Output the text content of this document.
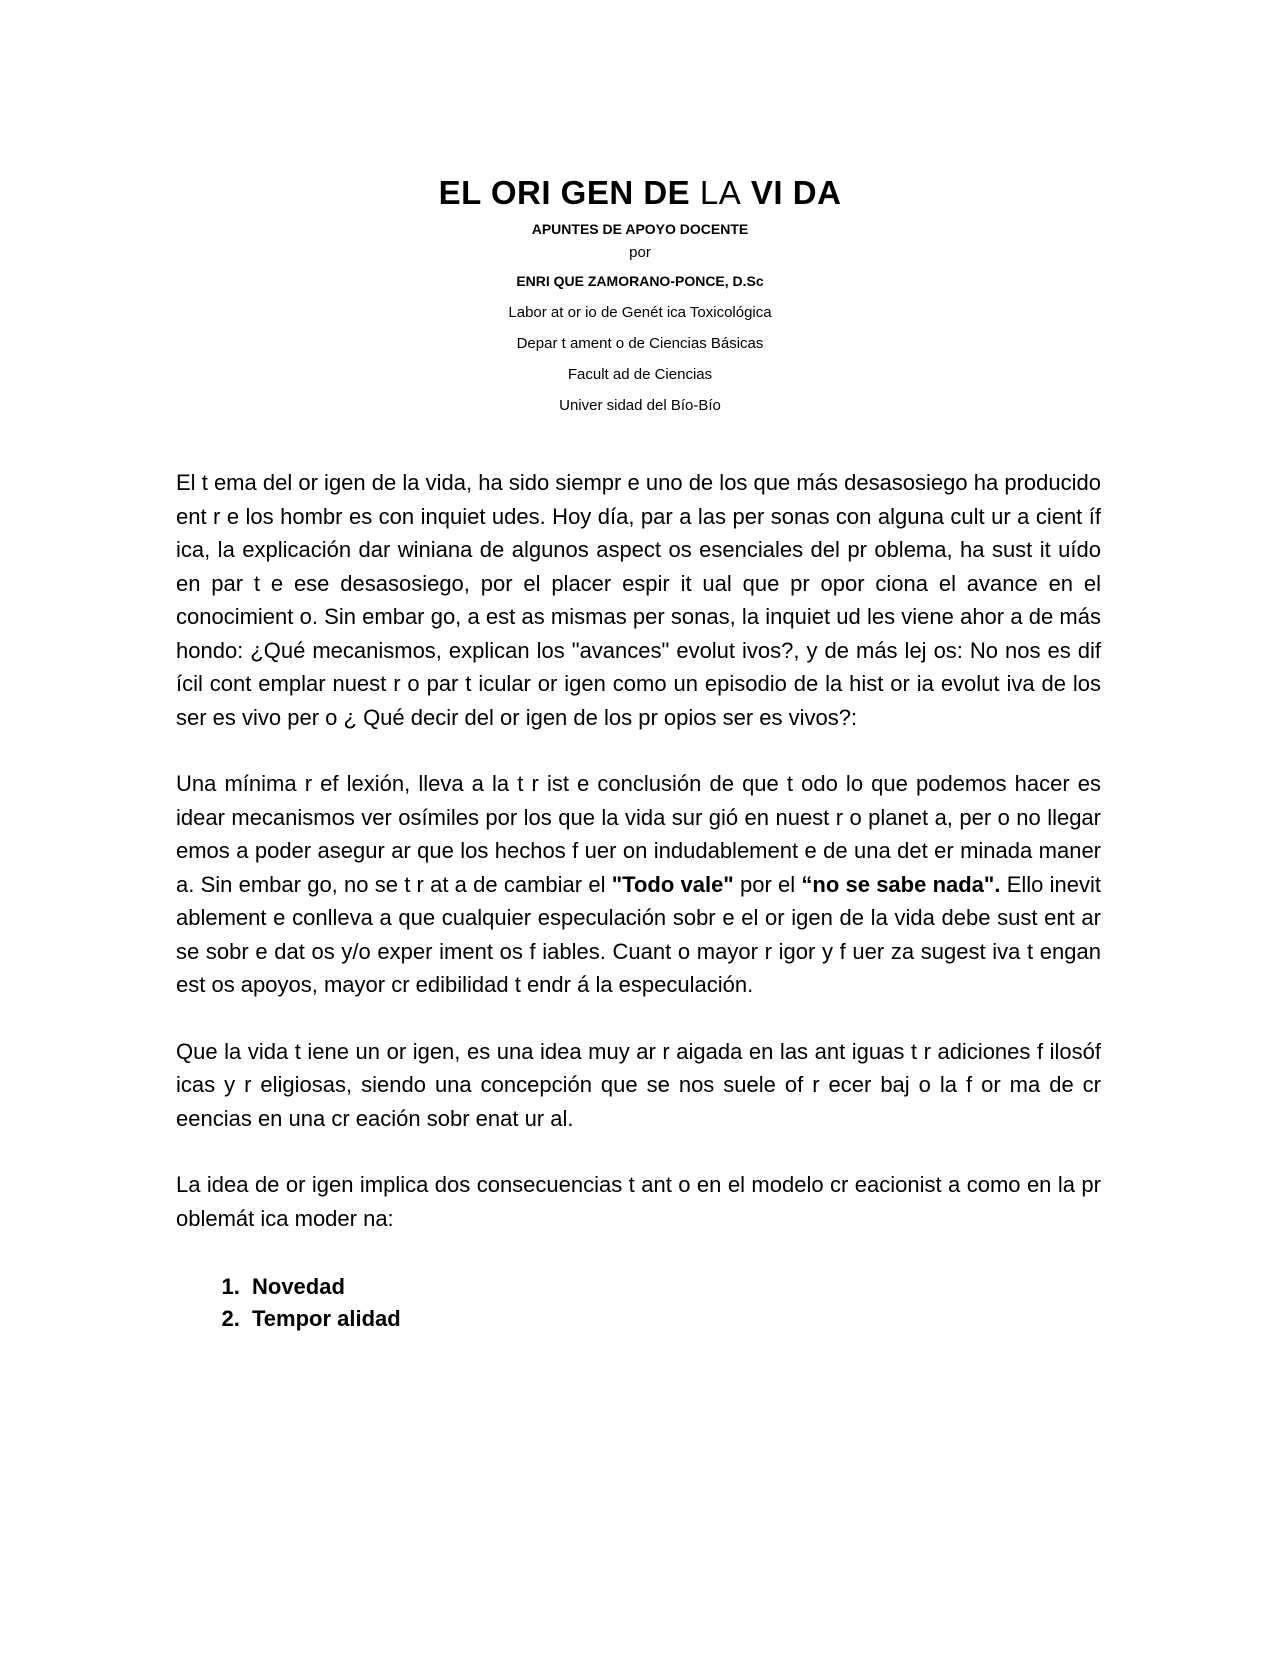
EL ORI GEN DE LA VI DA
APUNTES DE APOYO DOCENTE
por
ENRI QUE ZAMORANO-PONCE, D.Sc
Labor at or io de Genét ica Toxicológica
Depar t ament o de Ciencias Básicas
Facult ad de Ciencias
Univer sidad del Bío-Bío

El t ema del or igen de la vida, ha sido siempr e uno de los que más desasosiego ha producido ent r e los hombr es con inquiet udes. Hoy día, par a las per sonas con alguna cult ur a cient íf ica, la explicación dar winiana de algunos aspect os esenciales del pr oblema, ha sust it uído en par t e ese desasosiego, por el placer espir it ual que pr opor ciona el avance en el conocimient o. Sin embar go, a est as mismas per sonas, la inquiet ud les viene ahor a de más hondo: ¿Qué mecanismos, explican los "avances" evolut ivos?, y de más lej os: No nos es dif ícil cont emplar nuest r o par t icular or igen como un episodio de la hist or ia evolut iva de los ser es vivo per o ¿ Qué decir del or igen de los pr opios ser es vivos?:

Una mínima r ef lexión, lleva a la t r ist e conclusión de que t odo lo que podemos hacer es idear mecanismos ver osímiles por los que la vida sur gió en nuest r o planet a, per o no llegar emos a poder asegur ar que los hechos f uer on indudablement e de una det er minada maner a. Sin embar go, no se t r at a de cambiar el "Todo vale" por el “no se sabe nada". Ello inevit ablement e conlleva a que cualquier especulación sobr e el or igen de la vida debe sust ent ar se sobr e dat os y/o exper iment os f iables. Cuant o mayor r igor y f uer za sugest iva t engan est os apoyos, mayor cr edibilidad t endr á la especulación.

Que la vida t iene un or igen, es una idea muy ar r aigada en las ant iguas t r adiciones f ilosóf icas y r eligiosas, siendo una concepción que se nos suele of r ecer baj o la f or ma de cr eencias en una cr eación sobr enat ur al.

La idea de or igen implica dos consecuencias t ant o en el modelo cr eacionist a como en la pr oblemát ica moder na:

1. Novedad
2. Tempor alidad
